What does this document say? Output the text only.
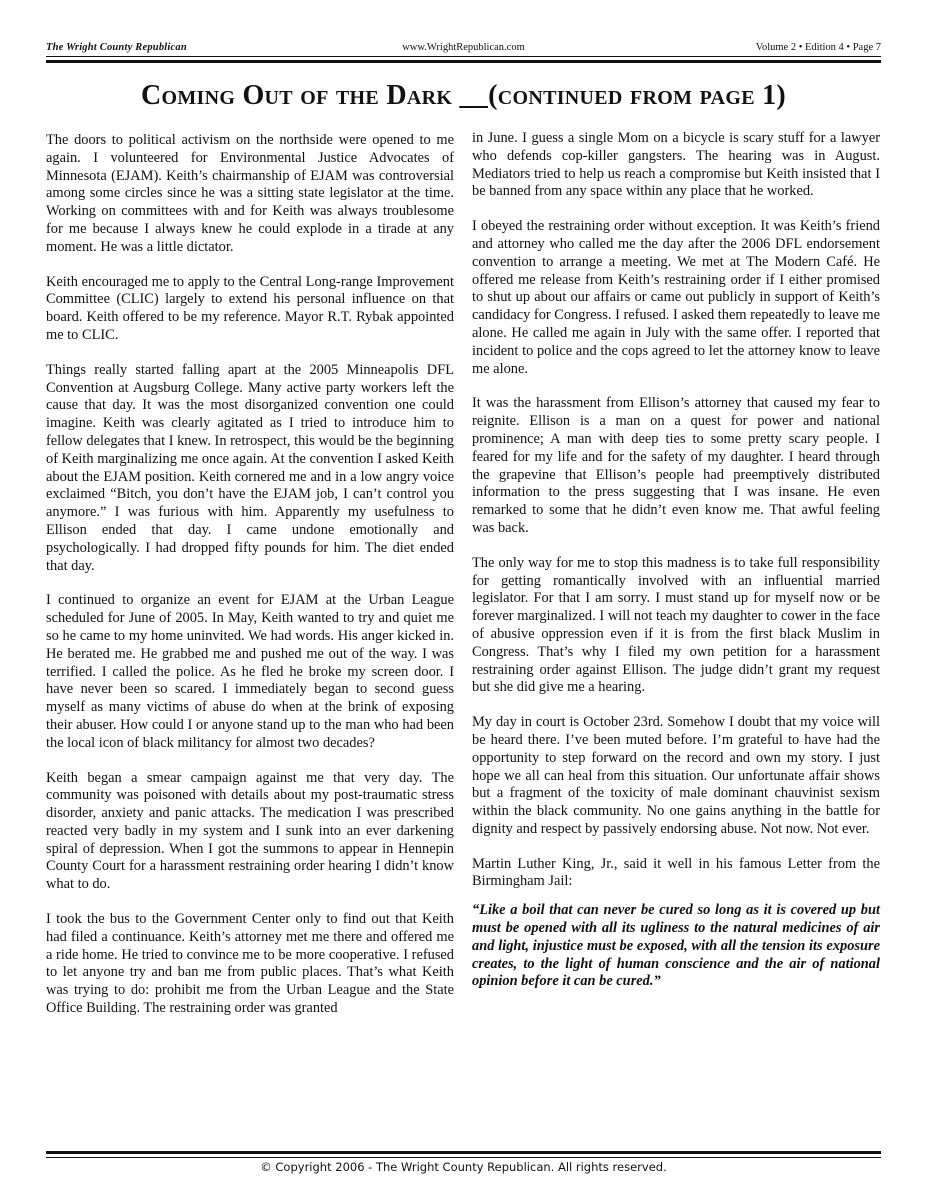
The Wright County Republican	www.WrightRepublican.com	Volume 2 • Edition 4 • Page 7
Coming Out of the Dark __(continued from page 1)

The doors to political activism on the northside were opened to me again. I volunteered for Environmental Justice Advocates of Minnesota (EJAM). Keith’s chairmanship of EJAM was controversial among some circles since he was a sitting state legislator at the time. Working on committees with and for Keith was always troublesome for me because I always knew he could explode in a tirade at any moment. He was a little dictator.

Keith encouraged me to apply to the Central Long-range Improvement Committee (CLIC) largely to extend his personal influence on that board. Keith offered to be my reference. Mayor R.T. Rybak appointed me to CLIC.

Things really started falling apart at the 2005 Minneapolis DFL Convention at Augsburg College. Many active party workers left the cause that day. It was the most disorganized convention one could imagine. Keith was clearly agitated as I tried to introduce him to fellow delegates that I knew. In retrospect, this would be the beginning of Keith marginalizing me once again. At the convention I asked Keith about the EJAM position. Keith cornered me and in a low angry voice exclaimed “Bitch, you don’t have the EJAM job, I can’t control you anymore.” I was furious with him. Apparently my usefulness to Ellison ended that day. I came undone emotionally and psychologically. I had dropped fifty pounds for him. The diet ended that day.

I continued to organize an event for EJAM at the Urban League scheduled for June of 2005. In May, Keith wanted to try and quiet me so he came to my home uninvited. We had words. His anger kicked in. He berated me. He grabbed me and pushed me out of the way. I was terrified. I called the police. As he fled he broke my screen door. I have never been so scared. I immediately began to second guess myself as many victims of abuse do when at the brink of exposing their abuser. How could I or anyone stand up to the man who had been the local icon of black militancy for almost two decades?

Keith began a smear campaign against me that very day. The community was poisoned with details about my post-traumatic stress disorder, anxiety and panic attacks. The medication I was prescribed reacted very badly in my system and I sunk into an ever darkening spiral of depression. When I got the summons to appear in Hennepin County Court for a harassment restraining order hearing I didn’t know what to do.

I took the bus to the Government Center only to find out that Keith had filed a continuance. Keith’s attorney met me there and offered me a ride home. He tried to convince me to be more cooperative. I refused to let anyone try and ban me from public places. That’s what Keith was trying to do: prohibit me from the Urban League and the State Office Building. The restraining order was granted

in June. I guess a single Mom on a bicycle is scary stuff for a lawyer who defends cop-killer gangsters. The hearing was in August. Mediators tried to help us reach a compromise but Keith insisted that I be banned from any space within any place that he worked.

I obeyed the restraining order without exception. It was Keith’s friend and attorney who called me the day after the 2006 DFL endorsement convention to arrange a meeting. We met at The Modern Café. He offered me release from Keith’s restraining order if I either promised to shut up about our affairs or came out publicly in support of Keith’s candidacy for Congress. I refused. I asked them repeatedly to leave me alone. He called me again in July with the same offer. I reported that incident to police and the cops agreed to let the attorney know to leave me alone.

It was the harassment from Ellison’s attorney that caused my fear to reignite. Ellison is a man on a quest for power and national prominence; A man with deep ties to some pretty scary people. I feared for my life and for the safety of my daughter. I heard through the grapevine that Ellison’s people had preemptively distributed information to the press suggesting that I was insane. He even remarked to some that he didn’t even know me. That awful feeling was back.

The only way for me to stop this madness is to take full responsibility for getting romantically involved with an influential married legislator. For that I am sorry. I must stand up for myself now or be forever marginalized. I will not teach my daughter to cower in the face of abusive oppression even if it is from the first black Muslim in Congress. That’s why I filed my own petition for a harassment restraining order against Ellison. The judge didn’t grant my request but she did give me a hearing.

My day in court is October 23rd. Somehow I doubt that my voice will be heard there. I’ve been muted before. I’m grateful to have had the opportunity to step forward on the record and own my story. I just hope we all can heal from this situation. Our unfortunate affair shows but a fragment of the toxicity of male dominant chauvinist sexism within the black community. No one gains anything in the battle for dignity and respect by passively endorsing abuse. Not now. Not ever.

Martin Luther King, Jr., said it well in his famous Letter from the Birmingham Jail:

“Like a boil that can never be cured so long as it is covered up but must be opened with all its ugliness to the natural medicines of air and light, injustice must be exposed, with all the tension its exposure creates, to the light of human conscience and the air of national opinion before it can be cured.”

© Copyright 2006 - The Wright County Republican. All rights reserved.
